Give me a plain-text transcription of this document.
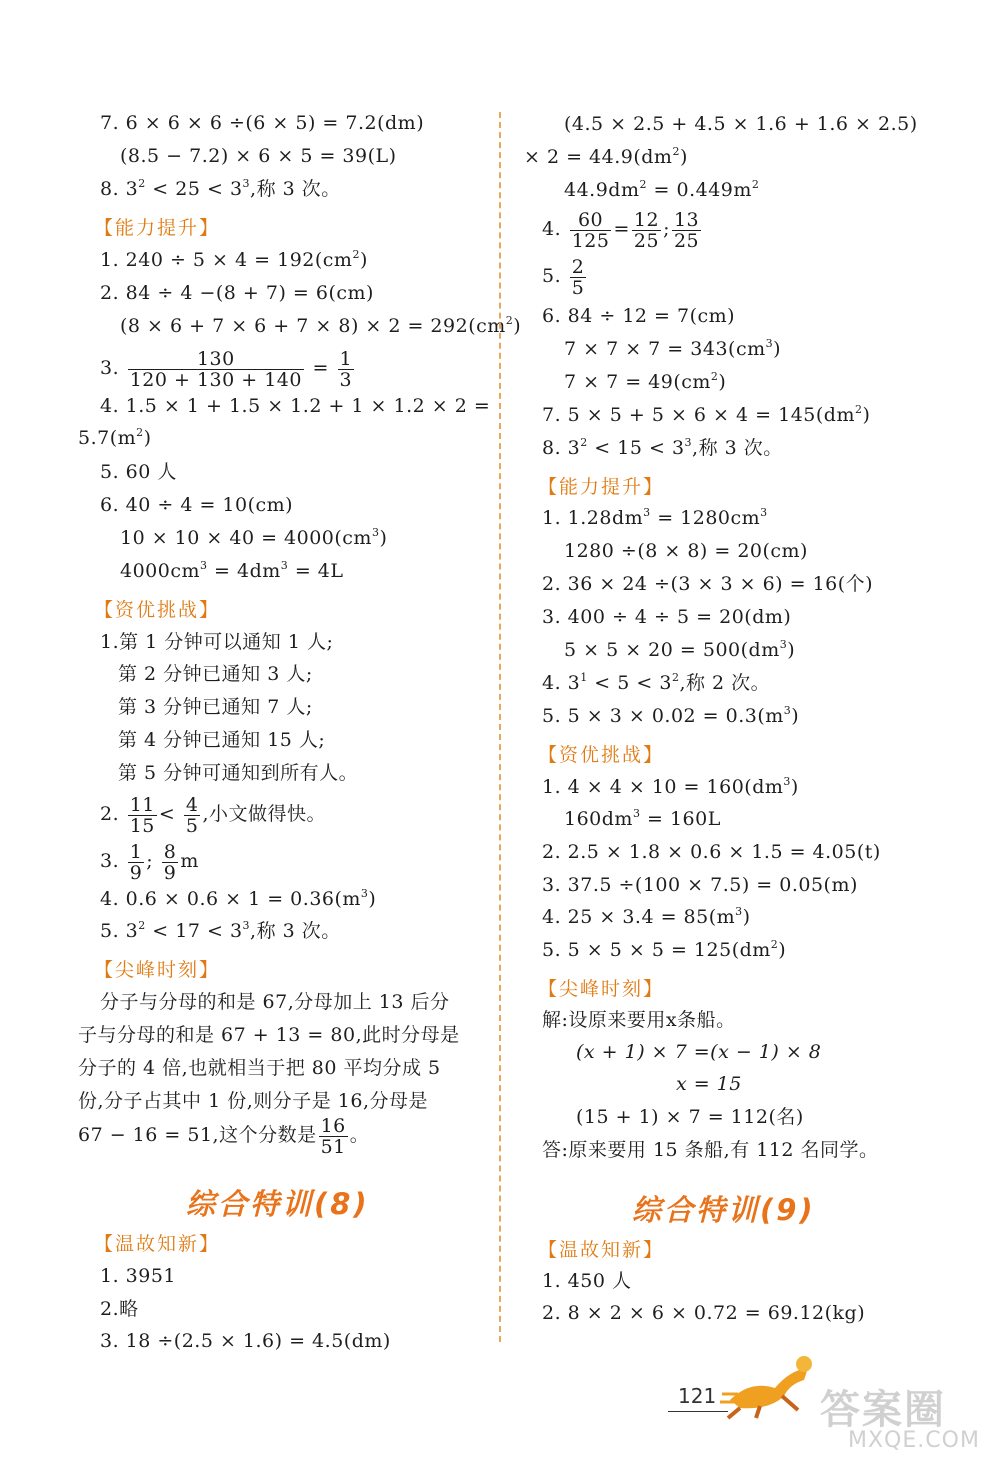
7. 6 × 6 × 6 ÷(6 × 5) = 7.2(dm)
(8.5 − 7.2) × 6 × 5 = 39(L)
8. $3^2 < 25 < 3^3$,称 3 次。
【能力提升】
1. $240 \div 5 \times 4 = 192(cm^2)$
2. 84 ÷ 4 −(8 + 7) = 6(cm)
$(8 \times 6 + 7 \times 6 + 7 \times 8) \times 2 = 292(cm^2)$
3. $\frac{130}{120 + 130 + 140} = \frac{1}{3}$
4. 1.5 × 1 + 1.5 × 1.2 + 1 × 1.2 × 2 =
$5.7(m^2)$
5. 60 人
6. 40 ÷ 4 = 10(cm)
$10 \times 10 \times 40 = 4000(cm^3)$
$4000cm^3 = 4dm^3 = 4L$
【资优挑战】
1.第 1 分钟可以通知 1 人;
第 2 分钟已通知 3 人;
第 3 分钟已通知 7 人;
第 4 分钟已通知 15 人;
第 5 分钟可通知到所有人。
2. $\frac{11}{15} < \frac{4}{5}$ ,小文做得快。
3. $\frac{1}{9}$ ; $\frac{8}{9}$ m
4. $0.6 \times 0.6 \times 1 = 0.36(m^3)$
5. $3^2 < 17 < 3^3$,称 3 次。
【尖峰时刻】
分子与分母的和是 67,分母加上 13 后分
子与分母的和是 67 + 13 = 80,此时分母是
分子的 4 倍,也就相当于把 80 平均分成 5
份,分子占其中 1 份,则分子是 16,分母是
67 − 16 = 51,这个分数是 $\frac{16}{51}$ 。
综合特训(8)
【温故知新】
1. 3951
2.略
3. 18 ÷(2.5 × 1.6) = 4.5(dm)
(4.5 × 2.5 + 4.5 × 1.6 + 1.6 × 2.5)
× $2 = 44.9(dm^2)$
$44.9dm^2 = 0.449m^2$
4. $\frac{60}{125} = \frac{12}{25}$ ; $\frac{13}{25}$
5. $\frac{2}{5}$
6. 84 ÷ 12 = 7(cm)
$7 \times 7 \times 7 = 343(cm^3)$
$7 \times 7 = 49(cm^2)$
7. $5 \times 5 + 5 \times 6 \times 4 = 145(dm^2)$
8. $3^2 < 15 < 3^3$,称 3 次。
【能力提升】
1. $1.28dm^3 = 1280cm^3$
1280 ÷(8 × 8) = 20(cm)
2. 36 × 24 ÷(3 × 3 × 6) = 16(个)
3. 400 ÷ 4 ÷ 5 = 20(dm)
$5 \times 5 \times 20 = 500(dm^3)$
4. $3^1 < 5 < 3^2$,称 2 次。
5. $5 \times 3 \times 0.02 = 0.3(m^3)$
【资优挑战】
1. $4 \times 4 \times 10 = 160(dm^3)$
$160dm^3 = 160L$
2. 2.5 × 1.8 × 0.6 × 1.5 = 4.05(t)
3. 37.5 ÷(100 × 7.5) = 0.05(m)
4. $25 \times 3.4 = 85(m^3)$
5. $5 \times 5 \times 5 = 125(dm^2)$
【尖峰时刻】
解:设原来要用x条船。
(x + 1) × 7 =(x − 1) × 8
x = 15
(15 + 1) × 7 = 112(名)
答:原来要用 15 条船,有 112 名同学。
综合特训(9)
【温故知新】
1. 450 人
2. 8 × 2 × 6 × 0.72 = 69.12(kg)
121	答案圈
MXQE.COM
